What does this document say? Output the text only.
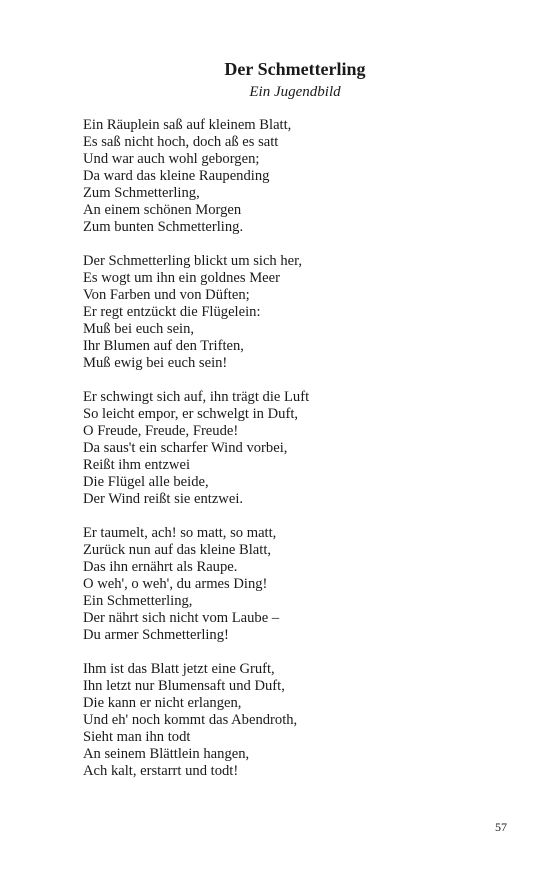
Der Schmetterling

Ein Jugendbild

Ein Räuplein saß auf kleinem Blatt,
Es saß nicht hoch, doch aß es satt
Und war auch wohl geborgen;
Da ward das kleine Raupending
Zum Schmetterling,
An einem schönen Morgen
Zum bunten Schmetterling.
Der Schmetterling blickt um sich her,
Es wogt um ihn ein goldnes Meer
Von Farben und von Düften;
Er regt entzückt die Flügelein:
Muß bei euch sein,
Ihr Blumen auf den Triften,
Muß ewig bei euch sein!
Er schwingt sich auf, ihn trägt die Luft
So leicht empor, er schwelgt in Duft,
O Freude, Freude, Freude!
Da saus't ein scharfer Wind vorbei,
Reißt ihm entzwei
Die Flügel alle beide,
Der Wind reißt sie entzwei.
Er taumelt, ach! so matt, so matt,
Zurück nun auf das kleine Blatt,
Das ihn ernährt als Raupe.
O weh', o weh', du armes Ding!
Ein Schmetterling,
Der nährt sich nicht vom Laube –
Du armer Schmetterling!
Ihm ist das Blatt jetzt eine Gruft,
Ihn letzt nur Blumensaft und Duft,
Die kann er nicht erlangen,
Und eh' noch kommt das Abendroth,
Sieht man ihn todt
An seinem Blättlein hangen,
Ach kalt, erstarrt und todt!
57
